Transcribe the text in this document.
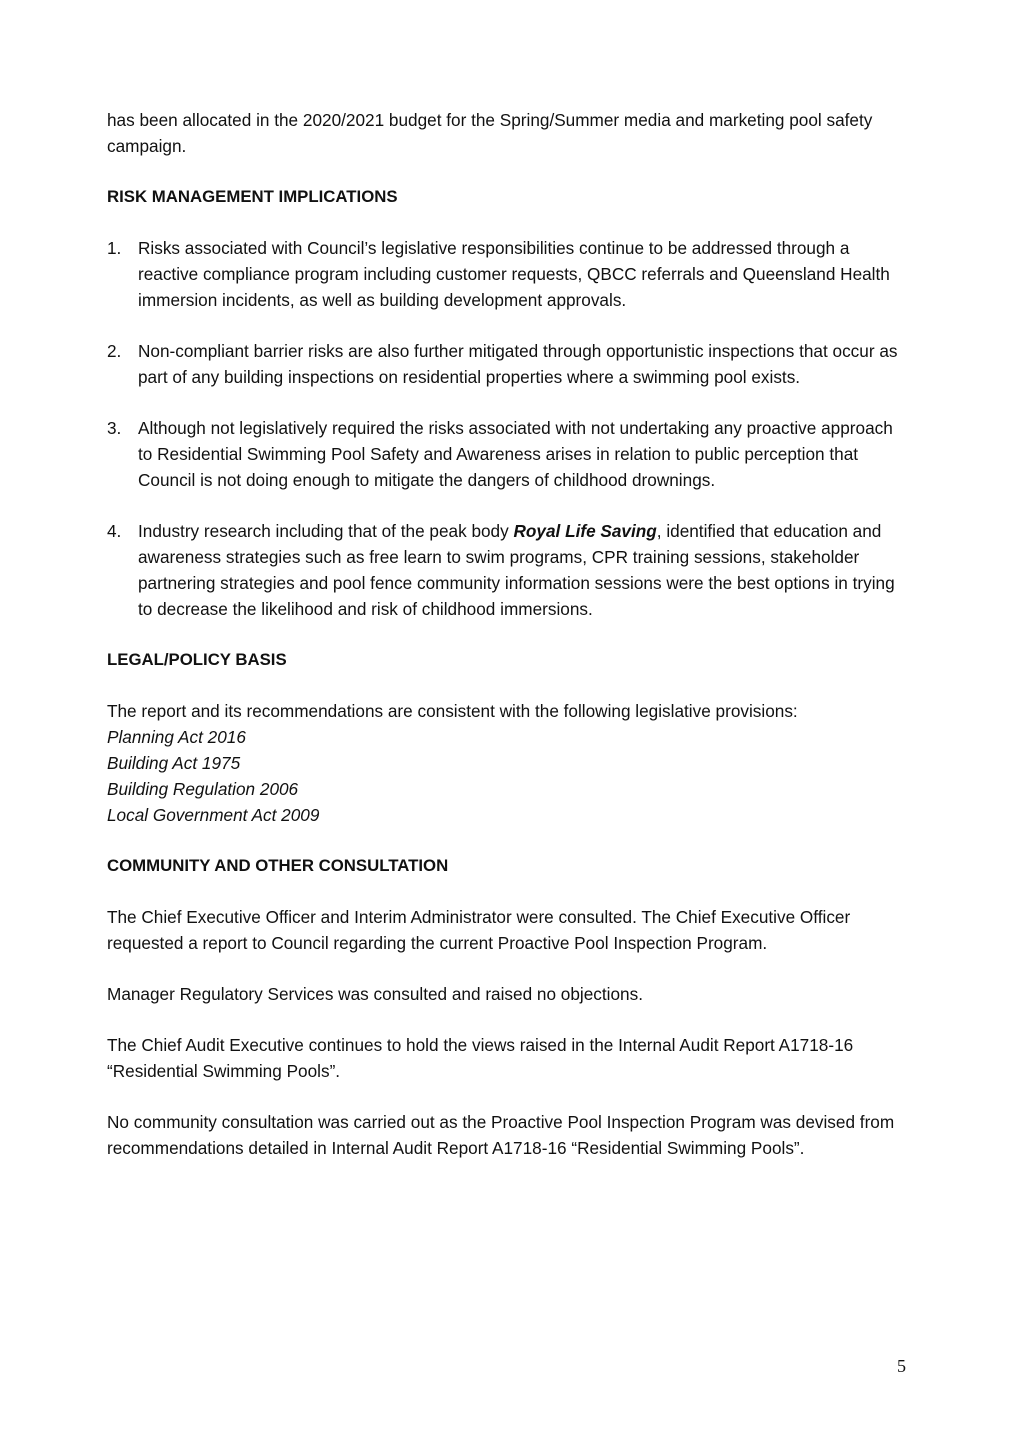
has been allocated in the 2020/2021 budget for the Spring/Summer media and marketing pool safety campaign.

RISK MANAGEMENT IMPLICATIONS

1. Risks associated with Council’s legislative responsibilities continue to be addressed through a reactive compliance program including customer requests, QBCC referrals and Queensland Health immersion incidents, as well as building development approvals.

2. Non-compliant barrier risks are also further mitigated through opportunistic inspections that occur as part of any building inspections on residential properties where a swimming pool exists.

3. Although not legislatively required the risks associated with not undertaking any proactive approach to Residential Swimming Pool Safety and Awareness arises in relation to public perception that Council is not doing enough to mitigate the dangers of childhood drownings.

4. Industry research including that of the peak body Royal Life Saving, identified that education and awareness strategies such as free learn to swim programs, CPR training sessions, stakeholder partnering strategies and pool fence community information sessions were the best options in trying to decrease the likelihood and risk of childhood immersions.

LEGAL/POLICY BASIS

The report and its recommendations are consistent with the following legislative provisions:

Planning Act 2016

Building Act 1975

Building Regulation 2006

Local Government Act 2009

COMMUNITY AND OTHER CONSULTATION

The Chief Executive Officer and Interim Administrator were consulted. The Chief Executive Officer requested a report to Council regarding the current Proactive Pool Inspection Program.

Manager Regulatory Services was consulted and raised no objections.

The Chief Audit Executive continues to hold the views raised in the Internal Audit Report A1718-16 “Residential Swimming Pools”.

No community consultation was carried out as the Proactive Pool Inspection Program was devised from recommendations detailed in Internal Audit Report A1718-16 “Residential Swimming Pools”.

5
